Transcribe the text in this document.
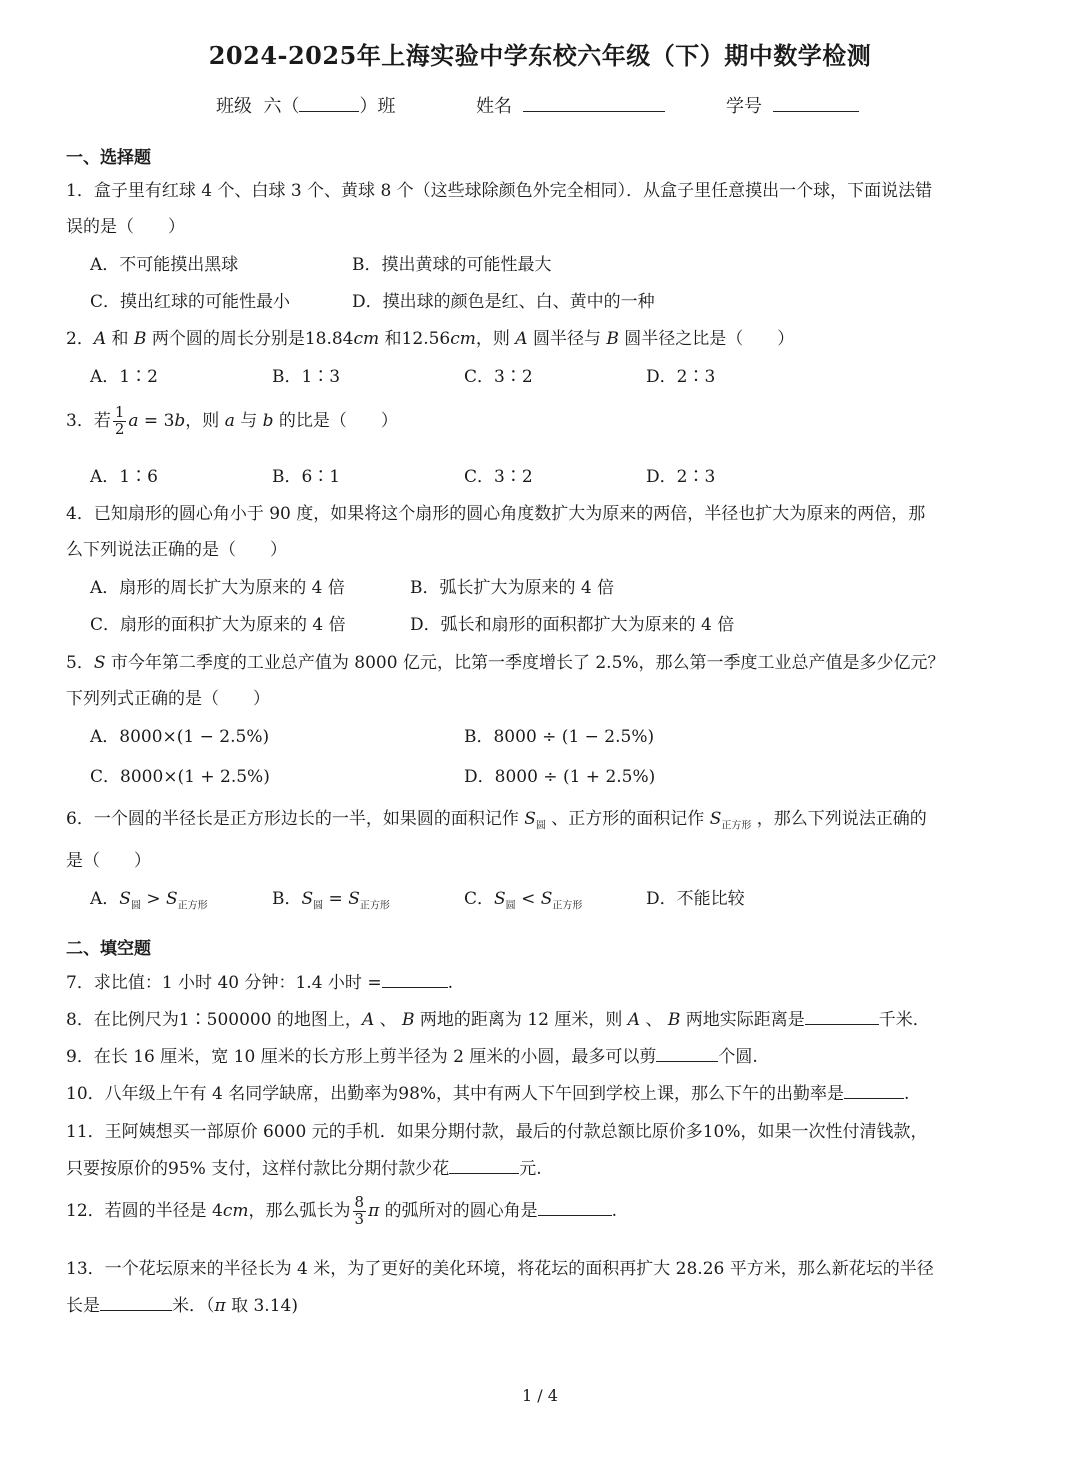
2024-2025年上海实验中学东校六年级（下）期中数学检测
班级 六（	）班	姓名	学号
一、选择题
1．盒子里有红球 4 个、白球 3 个、黄球 8 个（这些球除颜色外完全相同）．从盒子里任意摸出一个球，下面说法错
误的是（　　）
A．不可能摸出黑球	B．摸出黄球的可能性最大
C．摸出红球的可能性最小	D．摸出球的颜色是红、白、黄中的一种
2．A 和 B 两个圆的周长分别是18.84cm 和12.56cm，则 A 圆半径与 B 圆半径之比是（　　）
A．1∶2	B．1∶3	C．3∶2	D．2∶3
3．若 $\frac{1}{2}$ a = 3b，则 a 与 b 的比是（　　）
A．1∶6	B．6∶1	C．3∶2	D．2∶3
4．已知扇形的圆心角小于 90 度，如果将这个扇形的圆心角度数扩大为原来的两倍，半径也扩大为原来的两倍，那
么下列说法正确的是（　　）
A．扇形的周长扩大为原来的 4 倍	B．弧长扩大为原来的 4 倍
C．扇形的面积扩大为原来的 4 倍	D．弧长和扇形的面积都扩大为原来的 4 倍
5．S 市今年第二季度的工业总产值为 8000 亿元，比第一季度增长了 2.5%，那么第一季度工业总产值是多少亿元？
下列列式正确的是（　　）
A．8000×(1 − 2.5%)	B．8000 ÷ (1 − 2.5%)
C．8000×(1 + 2.5%)	D．8000 ÷ (1 + 2.5%)
6．一个圆的半径长是正方形边长的一半，如果圆的面积记作 $S_圆$ 、正方形的面积记作 $S_{正方形}$ ，那么下列说法正确的
是（　　）
A．$S_圆 > S_{正方形}$	B．$S_圆 = S_{正方形}$	C．$S_圆 < S_{正方形}$	D．不能比较
二、填空题
7．求比值：1 小时 40 分钟：1.4 小时 =	.
8．在比例尺为1∶500000 的地图上，A 、 B 两地的距离为 12 厘米，则 A 、 B 两地实际距离是	千米．
9．在长 16 厘米，宽 10 厘米的长方形上剪半径为 2 厘米的小圆，最多可以剪	个圆.
10．八年级上午有 4 名同学缺席，出勤率为98%，其中有两人下午回到学校上课，那么下午的出勤率是	.
11．王阿姨想买一部原价 6000 元的手机．如果分期付款，最后的付款总额比原价多10%，如果一次性付清钱款，
只要按原价的95% 支付，这样付款比分期付款少花	元.
12．若圆的半径是 4cm，那么弧长为 $\frac{8}{3}$ π 的弧所对的圆心角是	.
13．一个花坛原来的半径长为 4 米，为了更好的美化环境，将花坛的面积再扩大 28.26 平方米，那么新花坛的半径
长是	米．（π 取 3.14)
1 / 4
